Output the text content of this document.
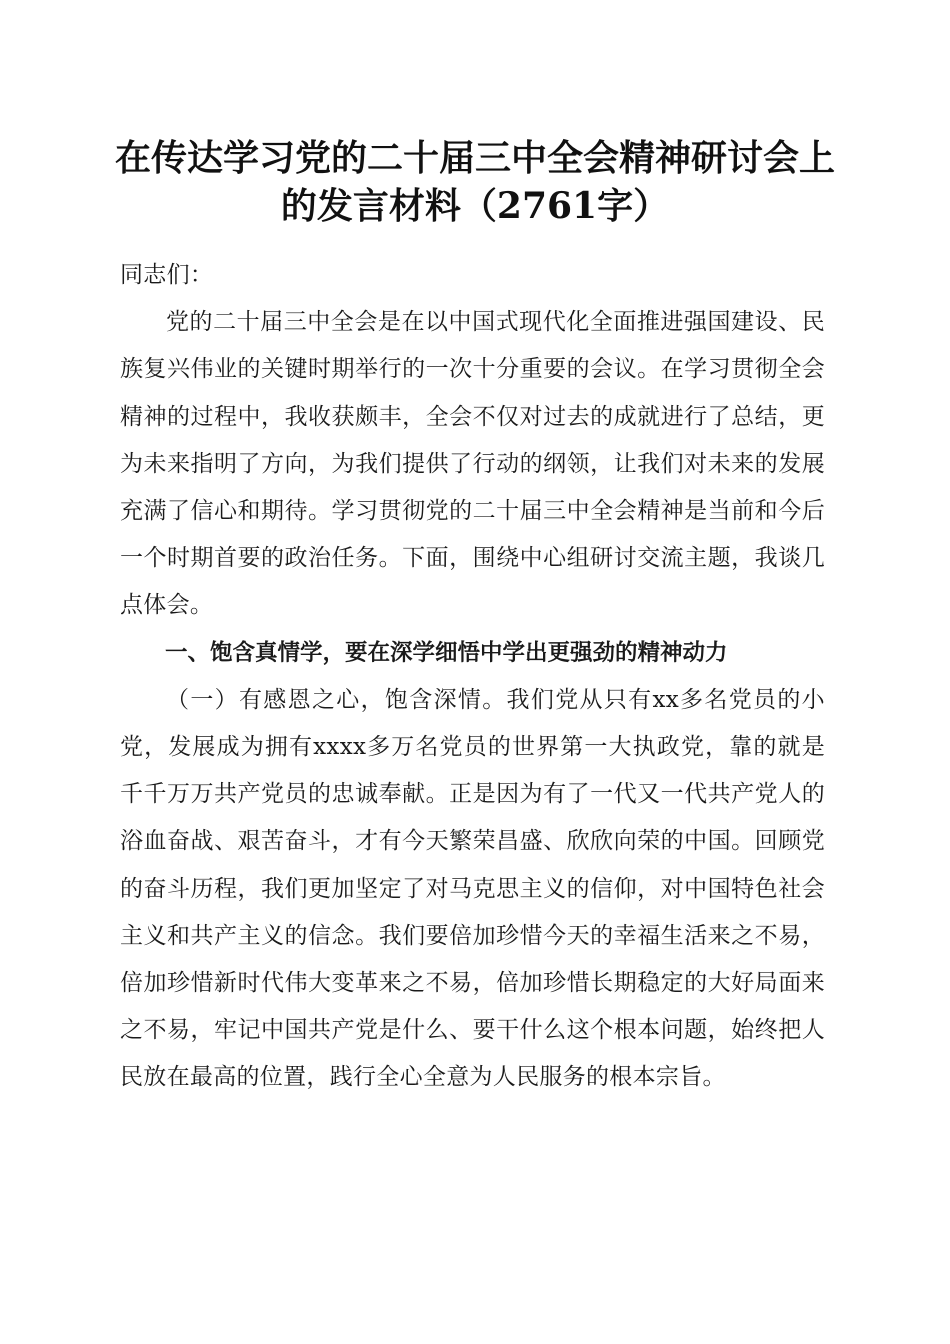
在传达学习党的二十届三中全会精神研讨会上
的发言材料（2761字）

同志们：

党的二十届三中全会是在以中国式现代化全面推进强国建设、民族复兴伟业的关键时期举行的一次十分重要的会议。在学习贯彻全会精神的过程中，我收获颇丰，全会不仅对过去的成就进行了总结，更为未来指明了方向，为我们提供了行动的纲领，让我们对未来的发展充满了信心和期待。学习贯彻党的二十届三中全会精神是当前和今后一个时期首要的政治任务。下面，围绕中心组研讨交流主题，我谈几点体会。

一、饱含真情学，要在深学细悟中学出更强劲的精神动力

（一）有感恩之心，饱含深情。我们党从只有xx多名党员的小党，发展成为拥有xxxx多万名党员的世界第一大执政党，靠的就是千千万万共产党员的忠诚奉献。正是因为有了一代又一代共产党人的浴血奋战、艰苦奋斗，才有今天繁荣昌盛、欣欣向荣的中国。回顾党的奋斗历程，我们更加坚定了对马克思主义的信仰，对中国特色社会主义和共产主义的信念。我们要倍加珍惜今天的幸福生活来之不易，倍加珍惜新时代伟大变革来之不易，倍加珍惜长期稳定的大好局面来之不易，牢记中国共产党是什么、要干什么这个根本问题，始终把人民放在最高的位置，践行全心全意为人民服务的根本宗旨。
